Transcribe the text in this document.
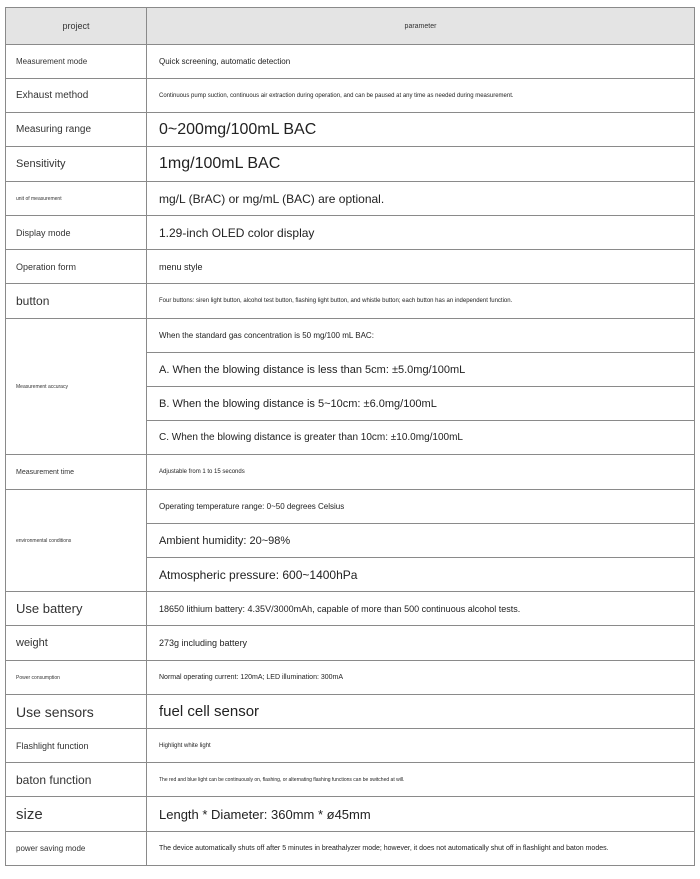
project	parameter
Measurement mode	Quick screening, automatic detection
Exhaust method	Continuous pump suction, continuous air extraction during operation, and can be paused at any time as needed during measurement.
Measuring range	0~200mg/100mL BAC
Sensitivity	1mg/100mL BAC
unit of measurement	mg/L (BrAC) or mg/mL (BAC) are optional.
Display mode	1.29-inch OLED color display
Operation form	menu style
button	Four buttons: siren light button, alcohol test button, flashing light button, and whistle button; each button has an independent function.
Measurement accuracy	When the standard gas concentration is 50 mg/100 mL BAC:
	A. When the blowing distance is less than 5cm: ±5.0mg/100mL
	B. When the blowing distance is 5~10cm: ±6.0mg/100mL
	C. When the blowing distance is greater than 10cm: ±10.0mg/100mL
Measurement time	Adjustable from 1 to 15 seconds
environmental conditions	Operating temperature range: 0~50 degrees Celsius
	Ambient humidity: 20~98%
	Atmospheric pressure: 600~1400hPa
Use battery	18650 lithium battery: 4.35V/3000mAh, capable of more than 500 continuous alcohol tests.
weight	273g including battery
Power consumption	Normal operating current: 120mA; LED illumination: 300mA
Use sensors	fuel cell sensor
Flashlight function	Highlight white light
baton function	The red and blue light can be continuously on, flashing, or alternating flashing functions can be switched at will.
size	Length * Diameter: 360mm * ø45mm
power saving mode	The device automatically shuts off after 5 minutes in breathalyzer mode; however, it does not automatically shut off in flashlight and baton modes.
